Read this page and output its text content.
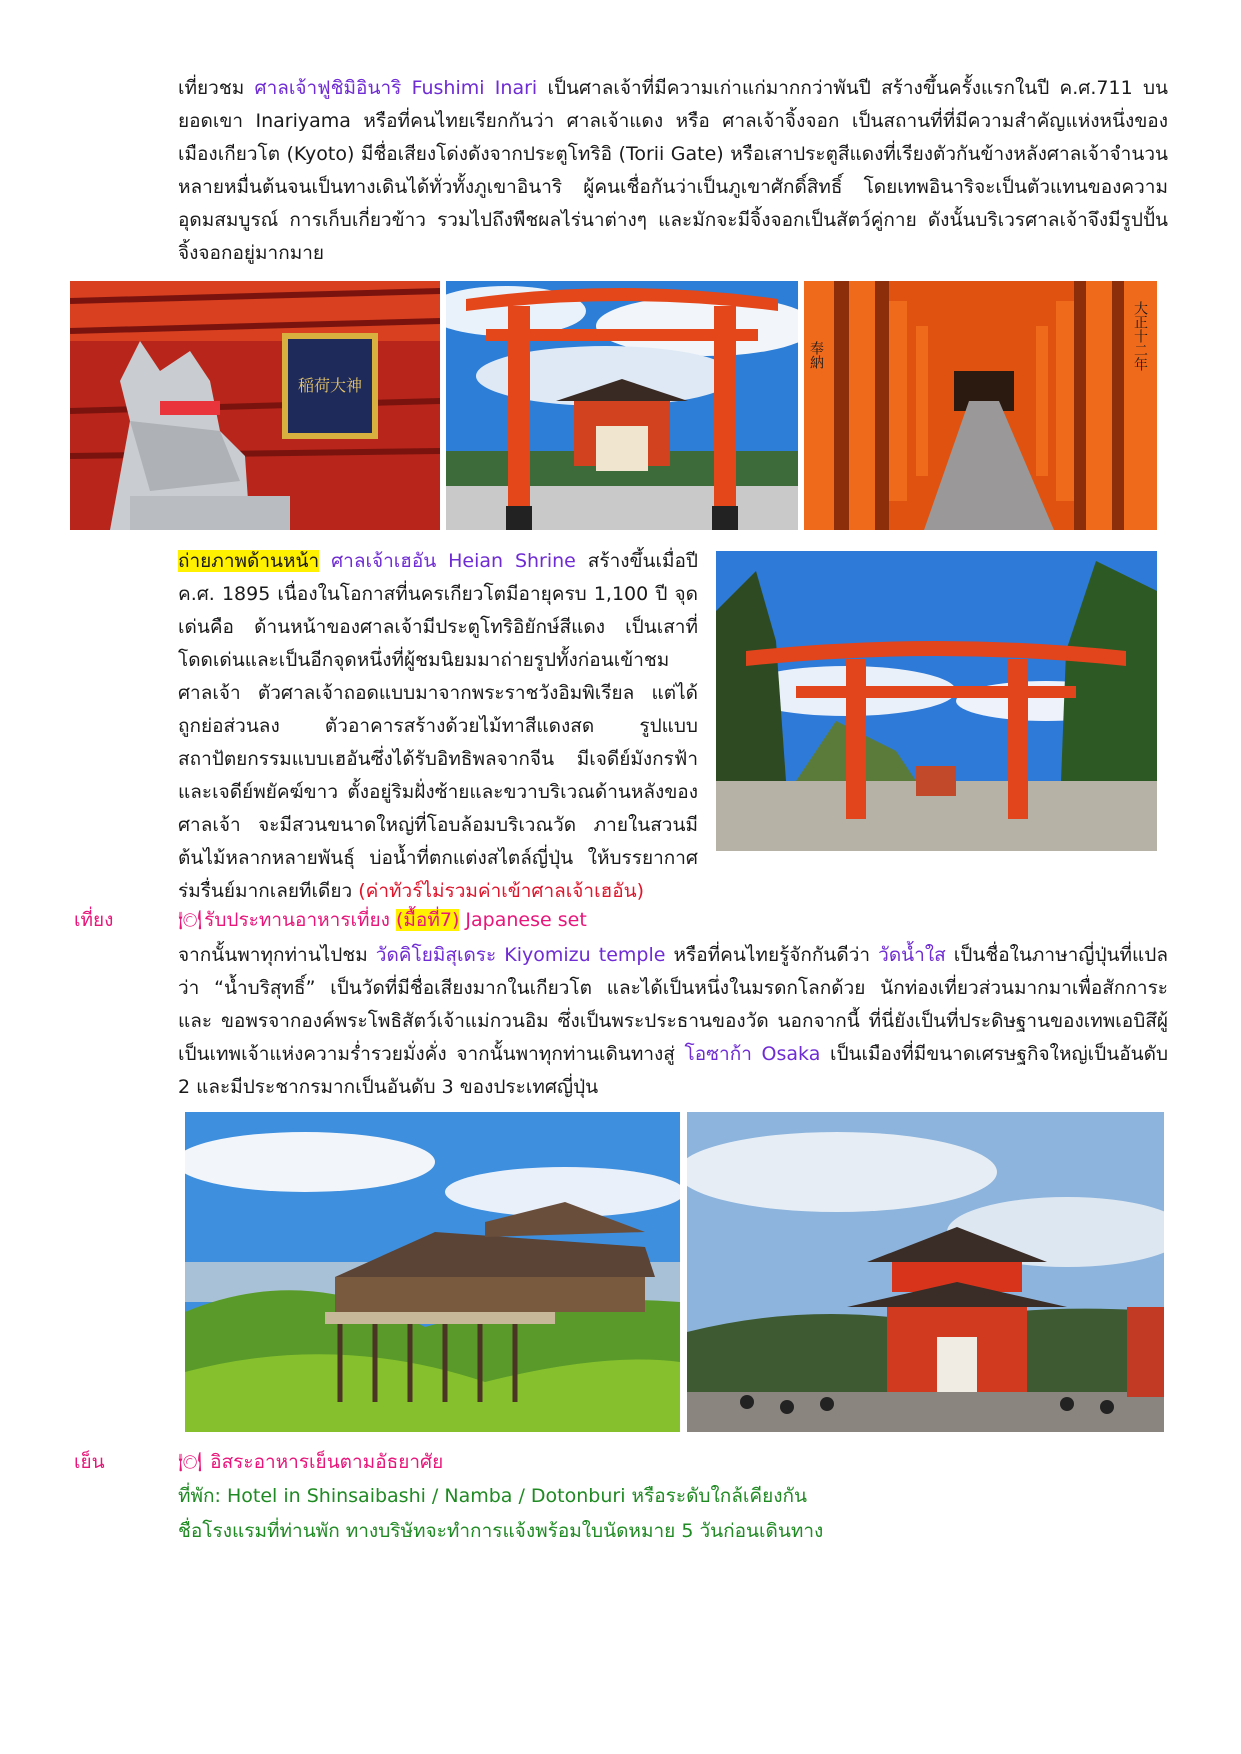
เที่ยวชม ศาลเจ้าฟูชิมิอินาริ Fushimi Inari เป็นศาลเจ้าที่มีความเก่าแก่มากกว่าพันปี สร้างขึ้นครั้งแรกในปี ค.ศ.711 บนยอดเขา Inariyama หรือที่คนไทยเรียกกันว่า ศาลเจ้าแดง หรือ ศาลเจ้าจิ้งจอก เป็นสถานที่ที่มีความสำคัญแห่งหนึ่งของเมืองเกียวโต (Kyoto) มีชื่อเสียงโด่งดังจากประตูโทริอิ (Torii Gate) หรือเสาประตูสีแดงที่เรียงตัวกันข้างหลังศาลเจ้าจำนวนหลายหมื่นต้นจนเป็นทางเดินได้ทั่วทั้งภูเขาอินาริ ผู้คนเชื่อกันว่าเป็นภูเขาศักดิ์สิทธิ์ โดยเทพอินาริจะเป็นตัวแทนของความอุดมสมบูรณ์ การเก็บเกี่ยวข้าว รวมไปถึงพืชผลไร่นาต่างๆ และมักจะมีจิ้งจอกเป็นสัตว์คู่กาย ดังนั้นบริเวรศาลเจ้าจึงมีรูปปั้นจิ้งจอกอยู่มากมาย

稲荷大神
奉納	大正十二年

ถ่ายภาพด้านหน้า ศาลเจ้าเฮอัน Heian Shrine สร้างขึ้นเมื่อปี ค.ศ. 1895 เนื่องในโอกาสที่นครเกียวโตมีอายุครบ 1,100 ปี จุดเด่นคือ ด้านหน้าของศาลเจ้ามีประตูโทริอิยักษ์สีแดง เป็นเสาที่โดดเด่นและเป็นอีกจุดหนึ่งที่ผู้ชมนิยมมาถ่ายรูปทั้งก่อนเข้าชมศาลเจ้า ตัวศาลเจ้าถอดแบบมาจากพระราชวังอิมพิเรียล แต่ได้ถูกย่อส่วนลง ตัวอาคารสร้างด้วยไม้ทาสีแดงสด รูปแบบสถาปัตยกรรมแบบเฮอันซึ่งได้รับอิทธิพลจากจีน มีเจดีย์มังกรฟ้าและเจดีย์พยัคฆ์ขาว ตั้งอยู่ริมฝั่งซ้ายและขวาบริเวณด้านหลังของศาลเจ้า จะมีสวนขนาดใหญ่ที่โอบล้อมบริเวณวัด ภายในสวนมีต้นไม้หลากหลายพันธุ์ บ่อน้ำที่ตกแต่งสไตล์ญี่ปุ่น ให้บรรยากาศร่มรื่นย์มากเลยทีเดียว (ค่าทัวร์ไม่รวมค่าเข้าศาลเจ้าเฮอัน)

เที่ยง	🍽 รับประทานอาหารเที่ยง (มื้อที่7) Japanese set

จากนั้นพาทุกท่านไปชม วัดคิโยมิสุเดระ Kiyomizu temple หรือที่คนไทยรู้จักกันดีว่า วัดน้ำใส เป็นชื่อในภาษาญี่ปุ่นที่แปลว่า “น้ำบริสุทธิ์” เป็นวัดที่มีชื่อเสียงมากในเกียวโต และได้เป็นหนึ่งในมรดกโลกด้วย นักท่องเที่ยวส่วนมากมาเพื่อสักการะ และ ขอพรจากองค์พระโพธิสัตว์เจ้าแม่กวนอิม ซึ่งเป็นพระประธานของวัด นอกจากนี้ ที่นี่ยังเป็นที่ประดิษฐานของเทพเอบิสึผู้เป็นเทพเจ้าแห่งความร่ำรวยมั่งคั่ง จากนั้นพาทุกท่านเดินทางสู่ โอซาก้า Osaka เป็นเมืองที่มีขนาดเศรษฐกิจใหญ่เป็นอันดับ 2 และมีประชากรมากเป็นอันดับ 3 ของประเทศญี่ปุ่น

เย็น	🍽 อิสระอาหารเย็นตามอัธยาศัย
ที่พัก: Hotel in Shinsaibashi / Namba / Dotonburi หรือระดับใกล้เคียงกัน
ชื่อโรงแรมที่ท่านพัก ทางบริษัทจะทำการแจ้งพร้อมใบนัดหมาย 5 วันก่อนเดินทาง
